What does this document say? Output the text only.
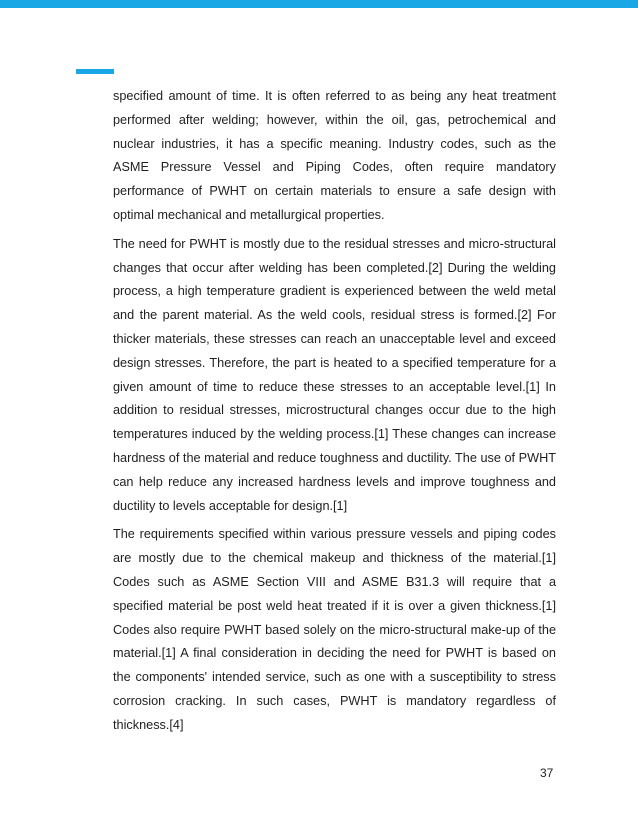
specified amount of time. It is often referred to as being any heat treatment performed after welding; however, within the oil, gas, petrochemical and nuclear industries, it has a specific meaning. Industry codes, such as the ASME Pressure Vessel and Piping Codes, often require mandatory performance of PWHT on certain materials to ensure a safe design with optimal mechanical and metallurgical properties.

The need for PWHT is mostly due to the residual stresses and micro-structural changes that occur after welding has been completed.[2] During the welding process, a high temperature gradient is experienced between the weld metal and the parent material. As the weld cools, residual stress is formed.[2] For thicker materials, these stresses can reach an unacceptable level and exceed design stresses. Therefore, the part is heated to a specified temperature for a given amount of time to reduce these stresses to an acceptable level.[1] In addition to residual stresses, microstructural changes occur due to the high temperatures induced by the welding process.[1] These changes can increase hardness of the material and reduce toughness and ductility. The use of PWHT can help reduce any increased hardness levels and improve toughness and ductility to levels acceptable for design.[1]

The requirements specified within various pressure vessels and piping codes are mostly due to the chemical makeup and thickness of the material.[1] Codes such as ASME Section VIII and ASME B31.3 will require that a specified material be post weld heat treated if it is over a given thickness.[1] Codes also require PWHT based solely on the micro-structural make-up of the material.[1] A final consideration in deciding the need for PWHT is based on the components' intended service, such as one with a susceptibility to stress corrosion cracking. In such cases, PWHT is mandatory regardless of thickness.[4]

37
